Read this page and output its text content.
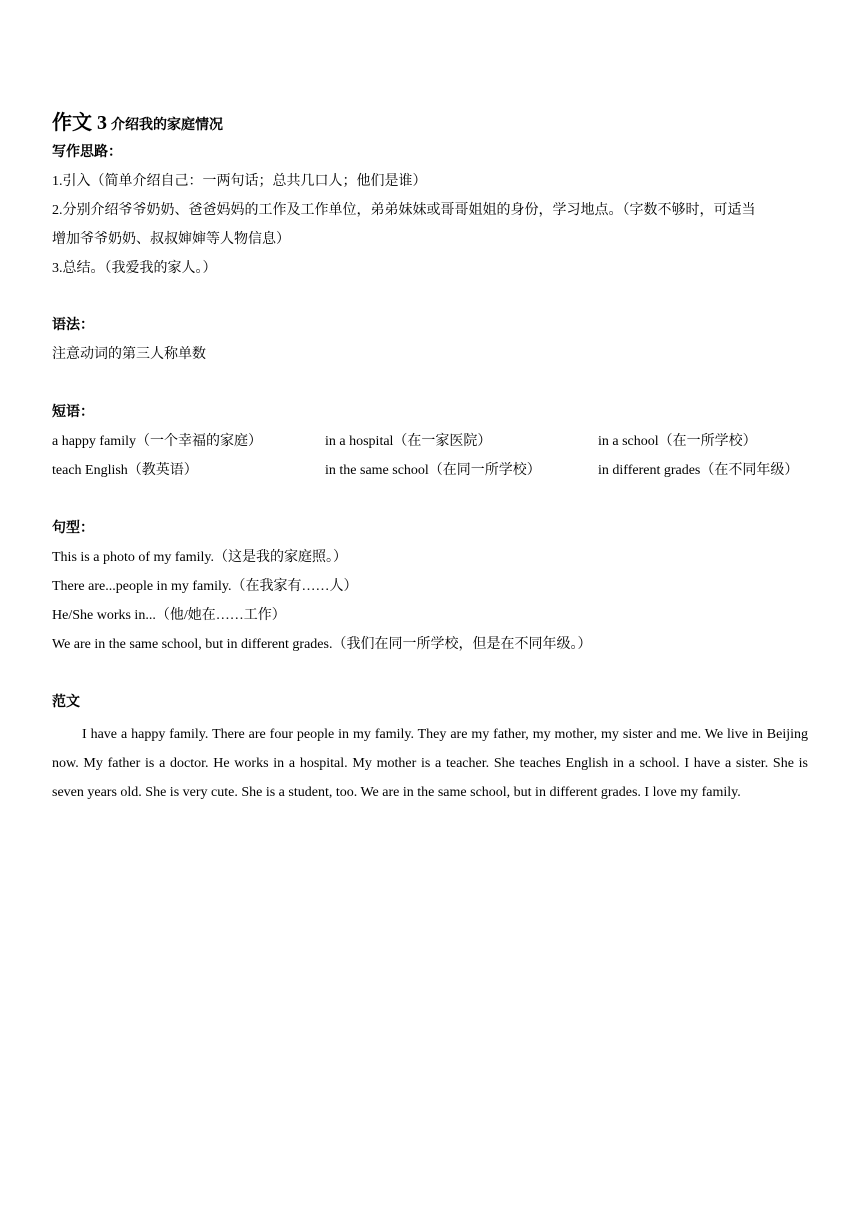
作文 3 介绍我的家庭情况
写作思路：
1.引入（简单介绍自己：一两句话；总共几口人；他们是谁）
2.分别介绍爷爷奶奶、爸爸妈妈的工作及工作单位，弟弟妹妹或哥哥姐姐的身份，学习地点。（字数不够时，可适当
增加爷爷奶奶、叔叔婶婶等人物信息）
3.总结。（我爱我的家人。）
语法：
注意动词的第三人称单数
短语：
a happy family（一个幸福的家庭）	in a hospital（在一家医院）	in a school（在一所学校）
teach English（教英语）	in the same school（在同一所学校）	in different grades（在不同年级）
句型：
This is a photo of my family.（这是我的家庭照。）
There are...people in my family.（在我家有……人）
He/She works in...（他/她在……工作）
We are in the same school, but in different grades.（我们在同一所学校，但是在不同年级。）
范文
I have a happy family. There are four people in my family. They are my father, my mother, my sister and me. We live in Beijing now. My father is a doctor. He works in a hospital. My mother is a teacher. She teaches English in a school. I have a sister. She is seven years old. She is very cute. She is a student, too. We are in the same school, but in different grades. I love my family.
